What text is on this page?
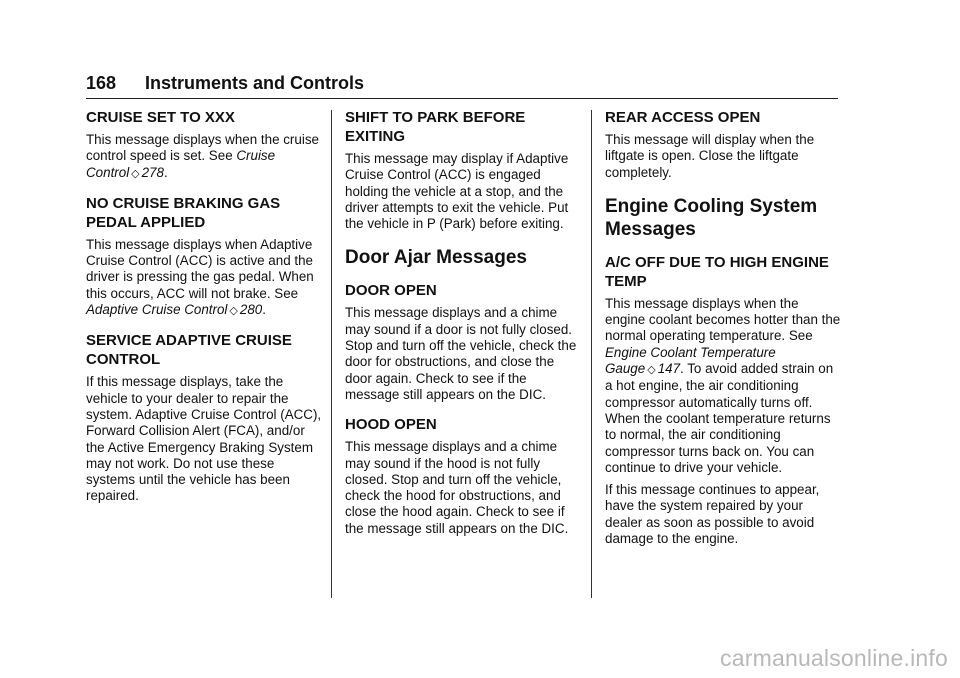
168 Instruments and Controls
CRUISE SET TO XXX

This message displays when the cruise control speed is set. See Cruise Control ◇ 278.

NO CRUISE BRAKING GAS PEDAL APPLIED

This message displays when Adaptive Cruise Control (ACC) is active and the driver is pressing the gas pedal. When this occurs, ACC will not brake. See Adaptive Cruise Control ◇ 280.

SERVICE ADAPTIVE CRUISE CONTROL

If this message displays, take the vehicle to your dealer to repair the system. Adaptive Cruise Control (ACC), Forward Collision Alert (FCA), and/or the Active Emergency Braking System may not work. Do not use these systems until the vehicle has been repaired.

SHIFT TO PARK BEFORE EXITING

This message may display if Adaptive Cruise Control (ACC) is engaged holding the vehicle at a stop, and the driver attempts to exit the vehicle. Put the vehicle in P (Park) before exiting.

Door Ajar Messages
DOOR OPEN

This message displays and a chime may sound if a door is not fully closed. Stop and turn off the vehicle, check the door for obstructions, and close the door again. Check to see if the message still appears on the DIC.

HOOD OPEN

This message displays and a chime may sound if the hood is not fully closed. Stop and turn off the vehicle, check the hood for obstructions, and close the hood again. Check to see if the message still appears on the DIC.

REAR ACCESS OPEN

This message will display when the liftgate is open. Close the liftgate completely.

Engine Cooling System Messages
A/C OFF DUE TO HIGH ENGINE TEMP

This message displays when the engine coolant becomes hotter than the normal operating temperature. See Engine Coolant Temperature Gauge ◇ 147. To avoid added strain on a hot engine, the air conditioning compressor automatically turns off. When the coolant temperature returns to normal, the air conditioning compressor turns back on. You can continue to drive your vehicle.

If this message continues to appear, have the system repaired by your dealer as soon as possible to avoid damage to the engine.

carmanualsonline.info
